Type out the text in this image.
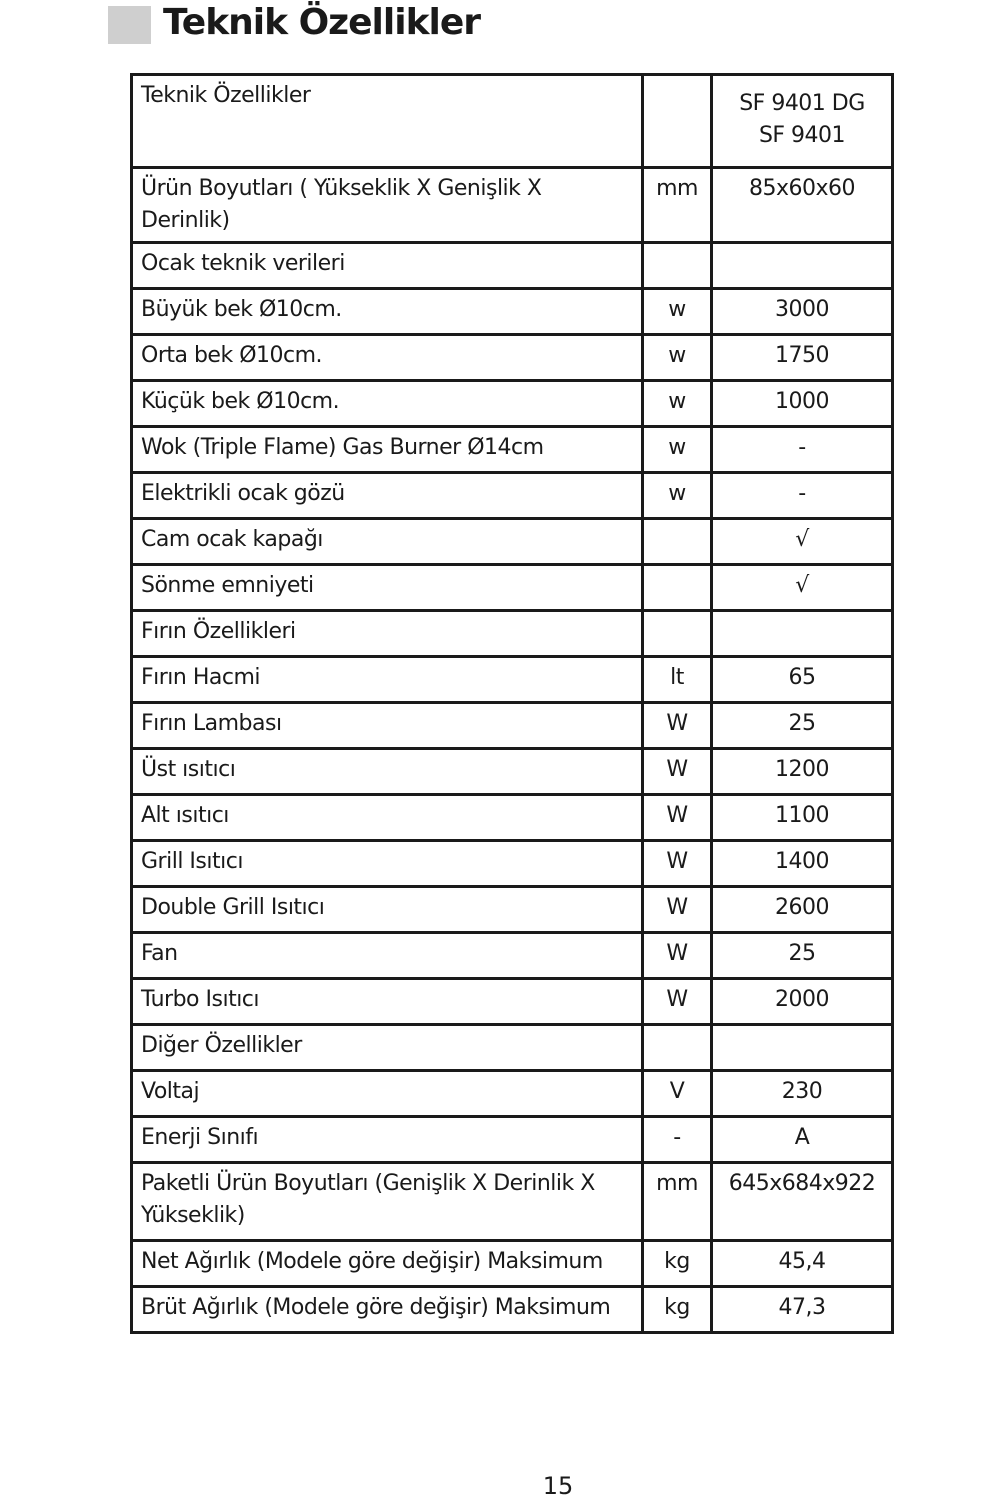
Teknik Özellikler
Teknik Özellikler		SF 9401 DG
SF 9401

Ürün Boyutları ( Yükseklik X Genişlik X Derinlik)	mm	85x60x60
Ocak teknik verileri		
Büyük bek Ø10cm.	w	3000
Orta bek Ø10cm.	w	1750
Küçük bek Ø10cm.	w	1000
Wok (Triple Flame) Gas Burner Ø14cm	w	-
Elektrikli ocak gözü	w	-
Cam ocak kapağı		√
Sönme emniyeti		√
Fırın Özellikleri		
Fırın Hacmi	lt	65
Fırın Lambası	W	25
Üst ısıtıcı	W	1200
Alt ısıtıcı	W	1100
Grill Isıtıcı	W	1400
Double Grill Isıtıcı	W	2600
Fan	W	25
Turbo Isıtıcı	W	2000
Diğer Özellikler		
Voltaj	V	230
Enerji Sınıfı	-	A
Paketli Ürün Boyutları (Genişlik X Derinlik X Yükseklik)	mm	645x684x922
Net Ağırlık (Modele göre değişir) Maksimum	kg	45,4
Brüt Ağırlık (Modele göre değişir) Maksimum	kg	47,3
15
